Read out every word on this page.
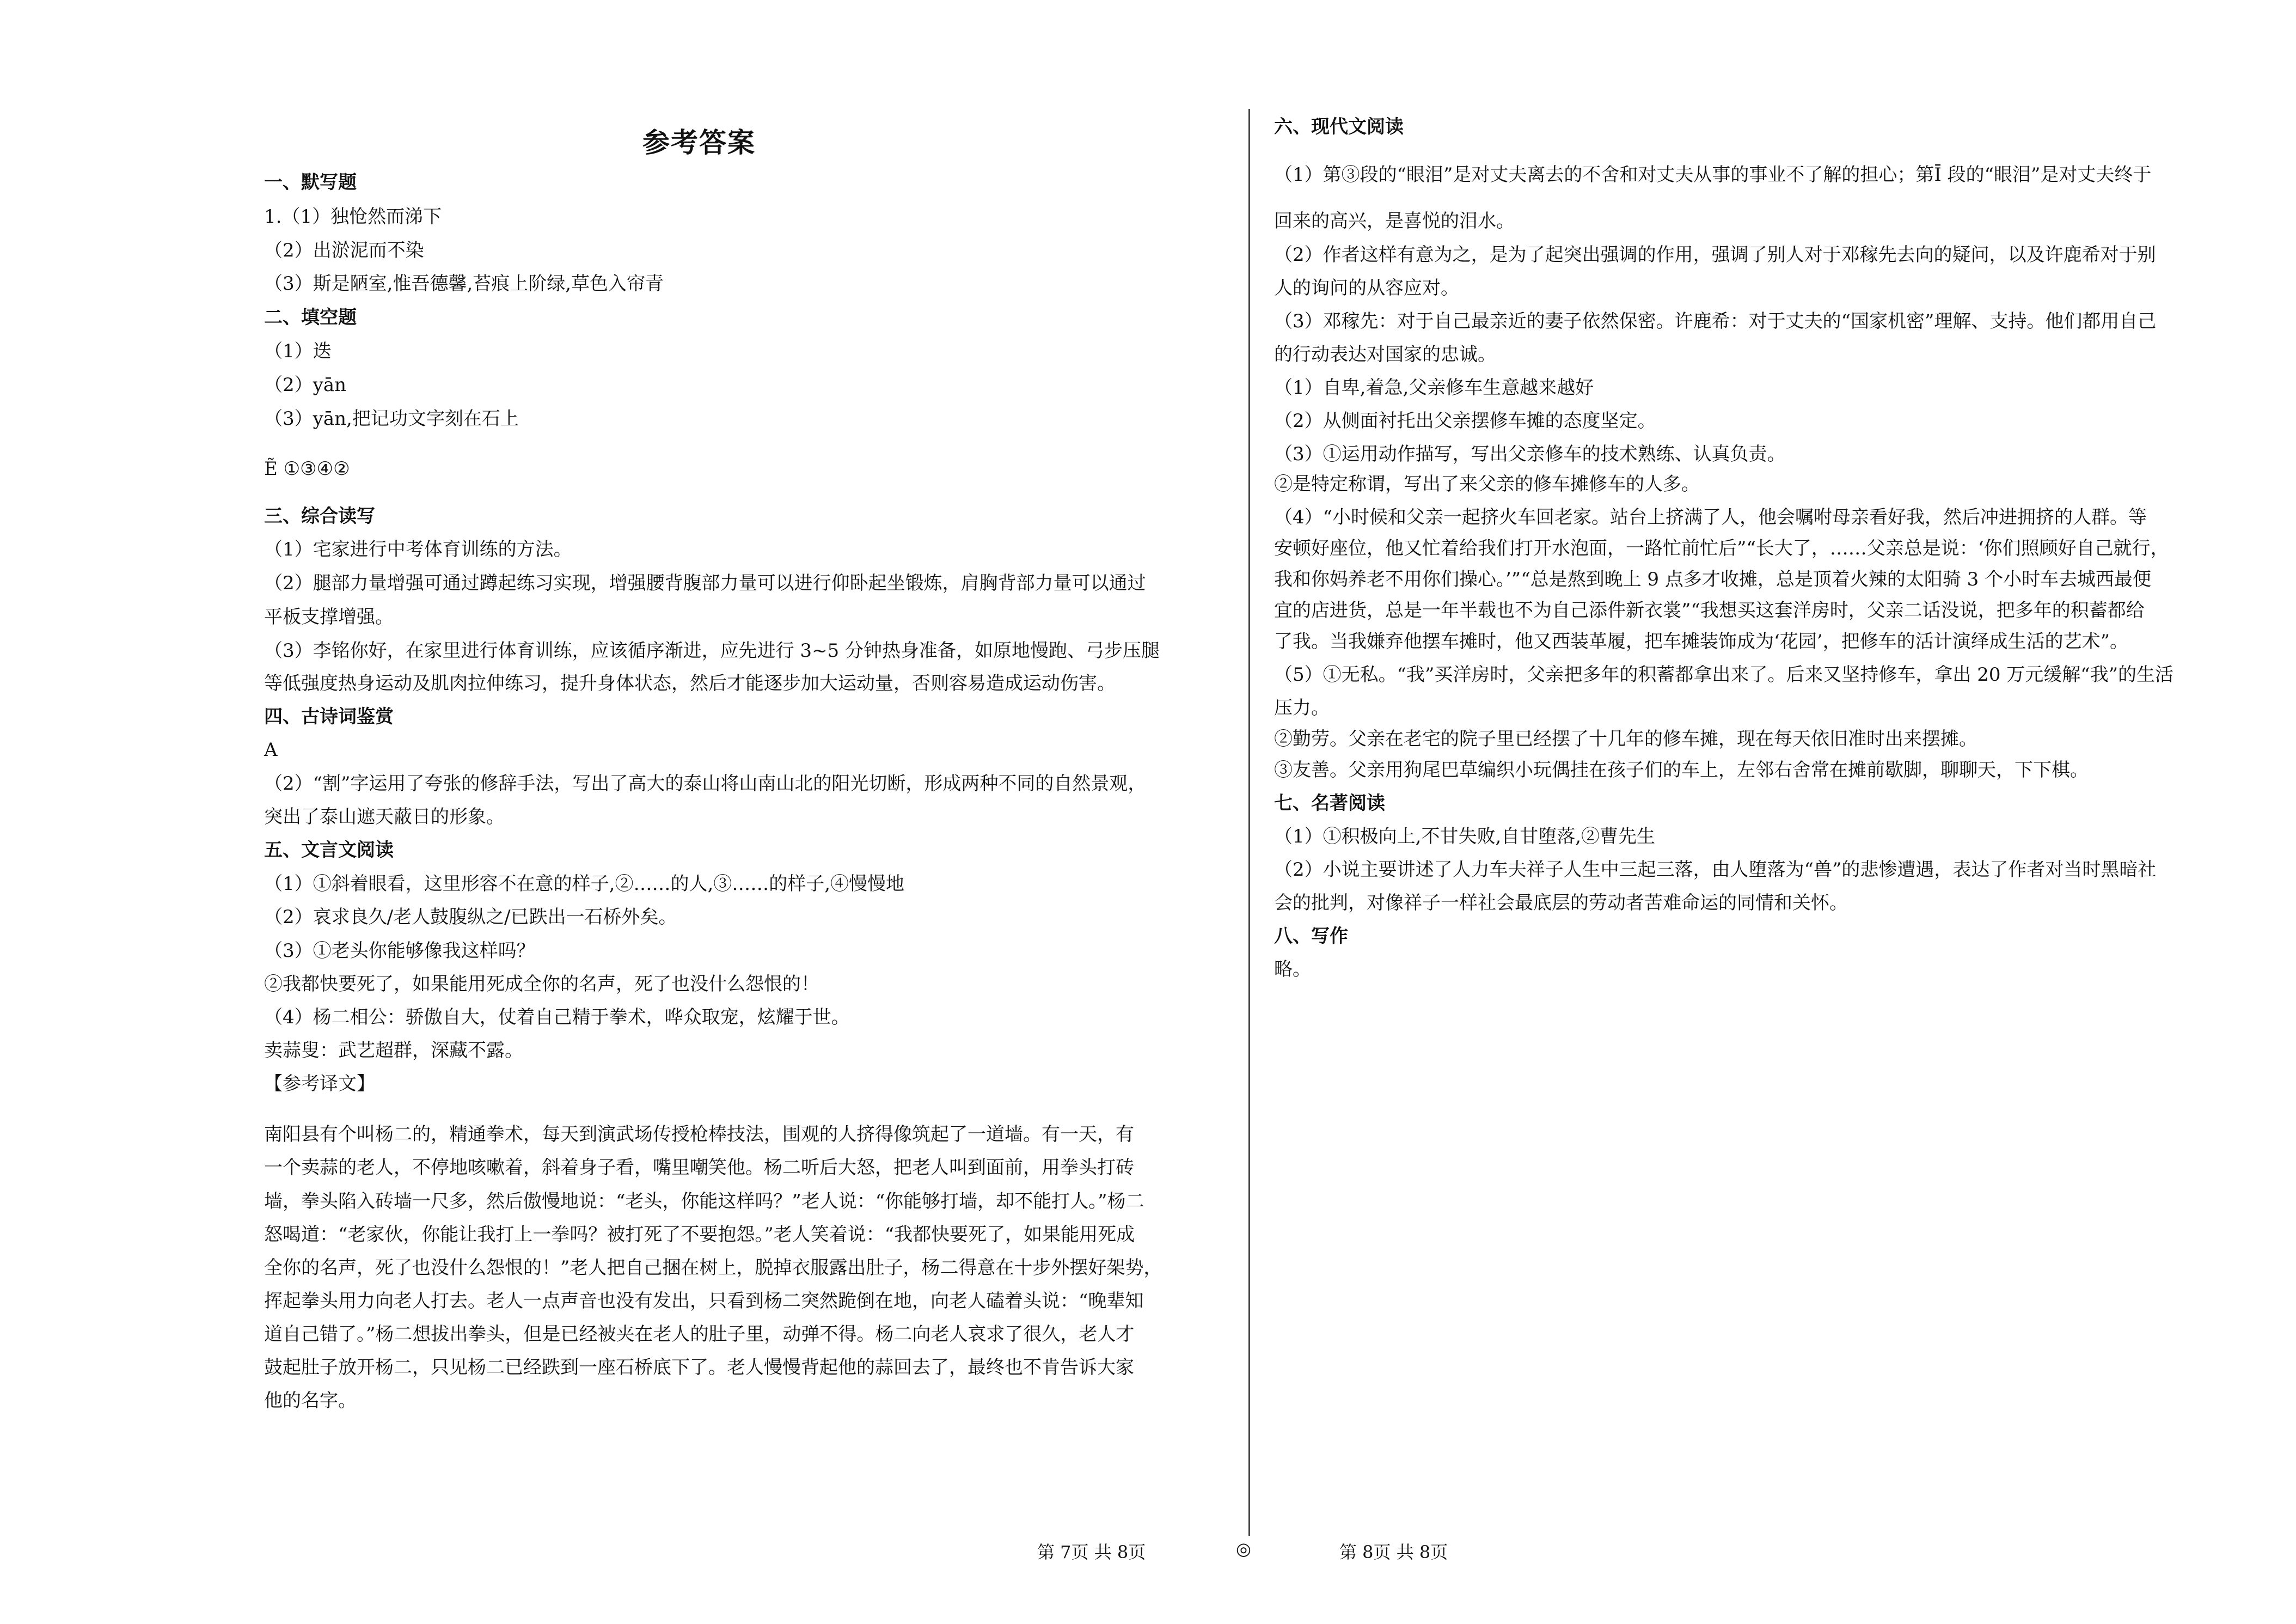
参考答案
一、默写题
1.（1）独怆然而涕下
（2）出淤泥而不染
（3）斯是陋室,惟吾德馨,苔痕上阶绿,草色入帘青
二、填空题
（1）迭
（2）yān
（3）yān,把记功文字刻在石上
Ẽ ①③④②
三、综合读写
（1）宅家进行中考体育训练的方法。
（2）腿部力量增强可通过蹲起练习实现，增强腰背腹部力量可以进行仰卧起坐锻炼，肩胸背部力量可以通过
平板支撑增强。
（3）李铭你好，在家里进行体育训练，应该循序渐进，应先进行 3~5 分钟热身准备，如原地慢跑、弓步压腿
等低强度热身运动及肌肉拉伸练习，提升身体状态，然后才能逐步加大运动量，否则容易造成运动伤害。
四、古诗词鉴赏
A
（2）“割”字运用了夸张的修辞手法，写出了高大的泰山将山南山北的阳光切断，形成两种不同的自然景观，
突出了泰山遮天蔽日的形象。
五、文言文阅读
（1）①斜着眼看，这里形容不在意的样子,②……的人,③……的样子,④慢慢地
（2）哀求良久/老人鼓腹纵之/已跌出一石桥外矣。
（3）①老头你能够像我这样吗？
②我都快要死了，如果能用死成全你的名声，死了也没什么怨恨的！
（4）杨二相公：骄傲自大，仗着自己精于拳术，哗众取宠，炫耀于世。
卖蒜叟：武艺超群，深藏不露。
【参考译文】
南阳县有个叫杨二的，精通拳术，每天到演武场传授枪棒技法，围观的人挤得像筑起了一道墙。有一天，有
一个卖蒜的老人，不停地咳嗽着，斜着身子看，嘴里嘲笑他。杨二听后大怒，把老人叫到面前，用拳头打砖
墙，拳头陷入砖墙一尺多，然后傲慢地说：“老头，你能这样吗？”老人说：“你能够打墙，却不能打人。”杨二
怒喝道：“老家伙，你能让我打上一拳吗？被打死了不要抱怨。”老人笑着说：“我都快要死了，如果能用死成
全你的名声，死了也没什么怨恨的！”老人把自己捆在树上，脱掉衣服露出肚子，杨二得意在十步外摆好架势，
挥起拳头用力向老人打去。老人一点声音也没有发出，只看到杨二突然跪倒在地，向老人磕着头说：“晚辈知
道自己错了。”杨二想拔出拳头，但是已经被夹在老人的肚子里，动弹不得。杨二向老人哀求了很久，老人才
鼓起肚子放开杨二，只见杨二已经跌到一座石桥底下了。老人慢慢背起他的蒜回去了，最终也不肯告诉大家
他的名字。
六、现代文阅读
（1）第③段的“眼泪”是对丈夫离去的不舍和对丈夫从事的事业不了解的担心；第Ī 段的“眼泪”是对丈夫终于
回来的高兴，是喜悦的泪水。
（2）作者这样有意为之，是为了起突出强调的作用，强调了别人对于邓稼先去向的疑问，以及许鹿希对于别
人的询问的从容应对。
（3）邓稼先：对于自己最亲近的妻子依然保密。许鹿希：对于丈夫的“国家机密”理解、支持。他们都用自己
的行动表达对国家的忠诚。
（1）自卑,着急,父亲修车生意越来越好
（2）从侧面衬托出父亲摆修车摊的态度坚定。
（3）①运用动作描写，写出父亲修车的技术熟练、认真负责。
②是特定称谓，写出了来父亲的修车摊修车的人多。
（4）“小时候和父亲一起挤火车回老家。站台上挤满了人，他会嘱咐母亲看好我，然后冲进拥挤的人群。等
安顿好座位，他又忙着给我们打开水泡面，一路忙前忙后”“长大了，……父亲总是说：‘你们照顾好自己就行，
我和你妈养老不用你们操心。’”“总是熬到晚上 9 点多才收摊，总是顶着火辣的太阳骑 3 个小时车去城西最便
宜的店进货，总是一年半载也不为自己添件新衣裳”“我想买这套洋房时，父亲二话没说，把多年的积蓄都给
了我。当我嫌弃他摆车摊时，他又西装革履，把车摊装饰成为‘花园’，把修车的活计演绎成生活的艺术”。
（5）①无私。“我”买洋房时，父亲把多年的积蓄都拿出来了。后来又坚持修车，拿出 20 万元缓解“我”的生活
压力。
②勤劳。父亲在老宅的院子里已经摆了十几年的修车摊，现在每天依旧准时出来摆摊。
③友善。父亲用狗尾巴草编织小玩偶挂在孩子们的车上，左邻右舍常在摊前歇脚，聊聊天，下下棋。
七、名著阅读
（1）①积极向上,不甘失败,自甘堕落,②曹先生
（2）小说主要讲述了人力车夫祥子人生中三起三落，由人堕落为“兽”的悲惨遭遇，表达了作者对当时黑暗社
会的批判，对像祥子一样社会最底层的劳动者苦难命运的同情和关怀。
八、写作
略。
第 7页 共 8页	◎	第 8页 共 8页
